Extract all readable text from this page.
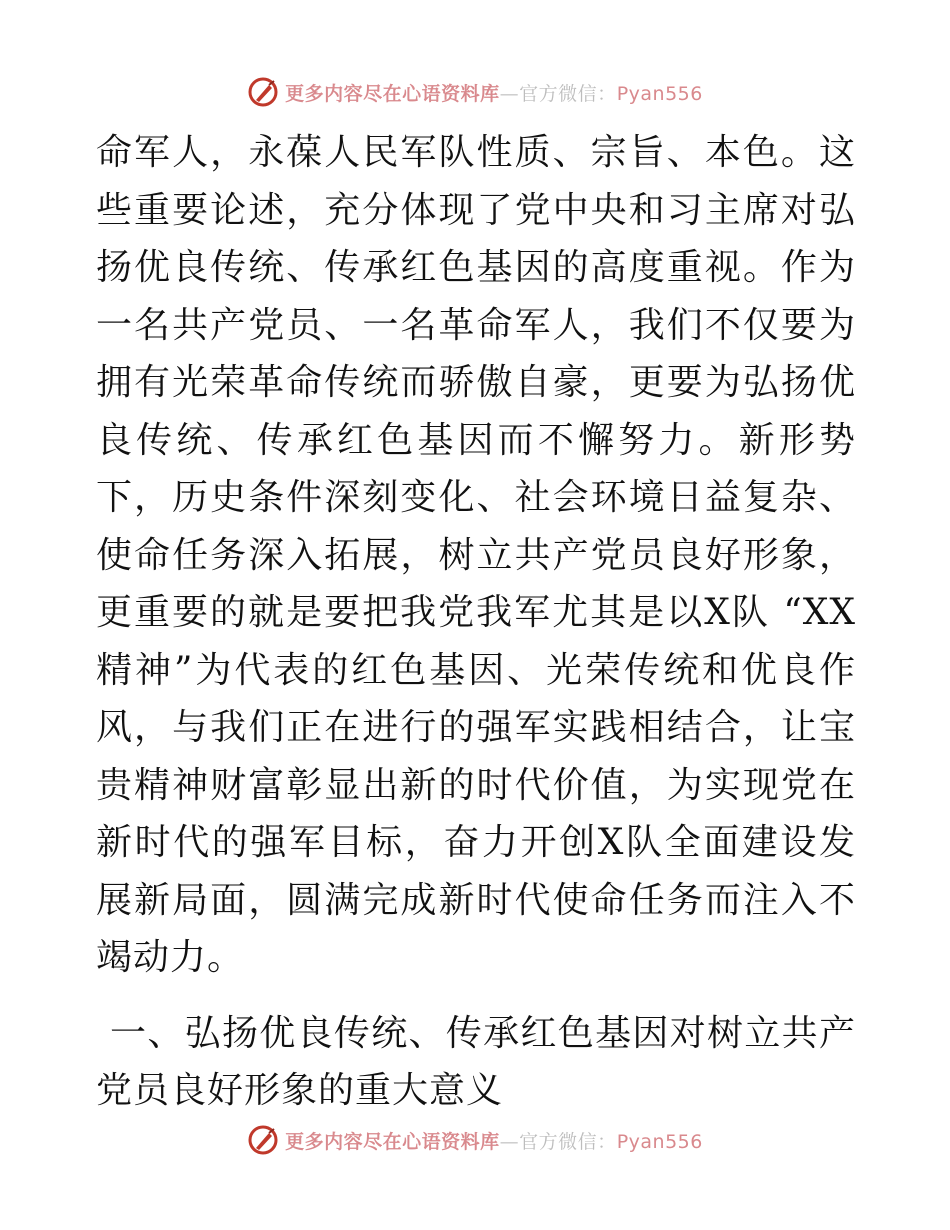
更多内容尽在心语资料库—官方微信：Pyan556

命军人，永葆人民军队性质、宗旨、本色。这些重要论述，充分体现了党中央和习主席对弘扬优良传统、传承红色基因的高度重视。作为一名共产党员、一名革命军人，我们不仅要为拥有光荣革命传统而骄傲自豪，更要为弘扬优良传统、传承红色基因而不懈努力。新形势下，历史条件深刻变化、社会环境日益复杂、使命任务深入拓展，树立共产党员良好形象，更重要的就是要把我党我军尤其是以X队 “XX精神”为代表的红色基因、光荣传统和优良作风，与我们正在进行的强军实践相结合，让宝贵精神财富彰显出新的时代价值，为实现党在新时代的强军目标，奋力开创X队全面建设发展新局面，圆满完成新时代使命任务而注入不竭动力。

一、弘扬优良传统、传承红色基因对树立共产党员良好形象的重大意义

更多内容尽在心语资料库—官方微信：Pyan556
